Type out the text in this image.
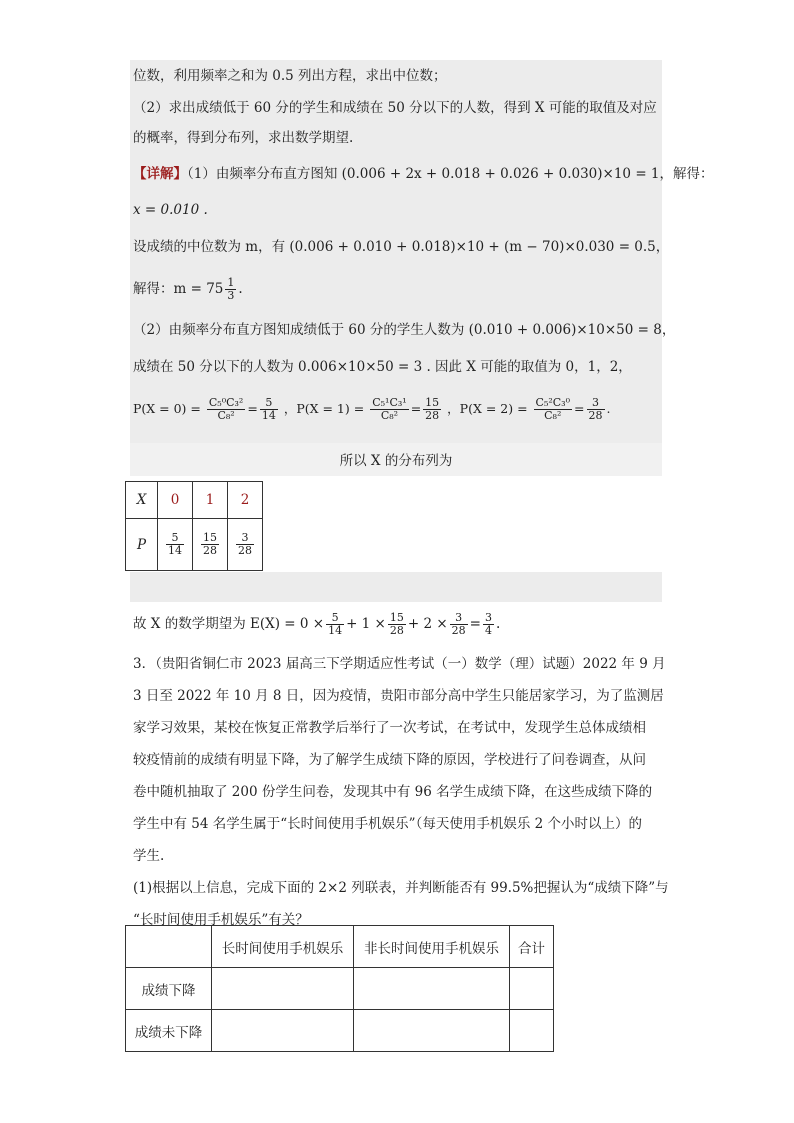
位数，利用频率之和为 0.5 列出方程，求出中位数；
（2）求出成绩低于 60 分的学生和成绩在 50 分以下的人数，得到 X 可能的取值及对应
的概率，得到分布列，求出数学期望.
【详解】（1）由频率分布直方图知 (0.006 + 2x + 0.018 + 0.026 + 0.030)×10 = 1，解得：
x = 0.010 .
设成绩的中位数为 m，有 (0.006 + 0.010 + 0.018)×10 + (m − 70)×0.030 = 0.5，
解得：$m = 75 \frac{1}{3}$ .
（2）由频率分布直方图知成绩低于 60 分的学生人数为 (0.010 + 0.006)×10×50 = 8，
成绩在 50 分以下的人数为 0.006×10×50 = 3 . 因此 X 可能的取值为 0，1，2，
$P(X = 0) = \frac{\text{C₅⁰C₃²}}{\text{C₈²}} = \frac{5}{14}$ ，$P(X = 1) = \frac{\text{C₅¹C₃¹}}{\text{C₈²}} = \frac{15}{28}$ ，$P(X = 2) = \frac{\text{C₅²C₃⁰}}{\text{C₈²}} = \frac{3}{28}$ .
所以 X 的分布列为
X	0	1	2
P	$\frac{5}{14}$	$\frac{15}{28}$	$\frac{3}{28}$
故 X 的数学期望为 $E(X) = 0 \times \frac{5}{14} + 1 \times \frac{15}{28} + 2 \times \frac{3}{28} = \frac{3}{4}$ .
3．（贵阳省铜仁市 2023 届高三下学期适应性考试（一）数学（理）试题）2022 年 9 月
3 日至 2022 年 10 月 8 日，因为疫情，贵阳市部分高中学生只能居家学习，为了监测居
家学习效果，某校在恢复正常教学后举行了一次考试，在考试中，发现学生总体成绩相
较疫情前的成绩有明显下降，为了解学生成绩下降的原因，学校进行了问卷调查，从问
卷中随机抽取了 200 份学生问卷，发现其中有 96 名学生成绩下降，在这些成绩下降的
学生中有 54 名学生属于“长时间使用手机娱乐”（每天使用手机娱乐 2 个小时以上）的
学生.
(1)根据以上信息，完成下面的 2×2 列联表，并判断能否有 99.5%把握认为“成绩下降”与
“长时间使用手机娱乐”有关？
	长时间使用手机娱乐	非长时间使用手机娱乐	合计
成绩下降			
成绩未下降			
